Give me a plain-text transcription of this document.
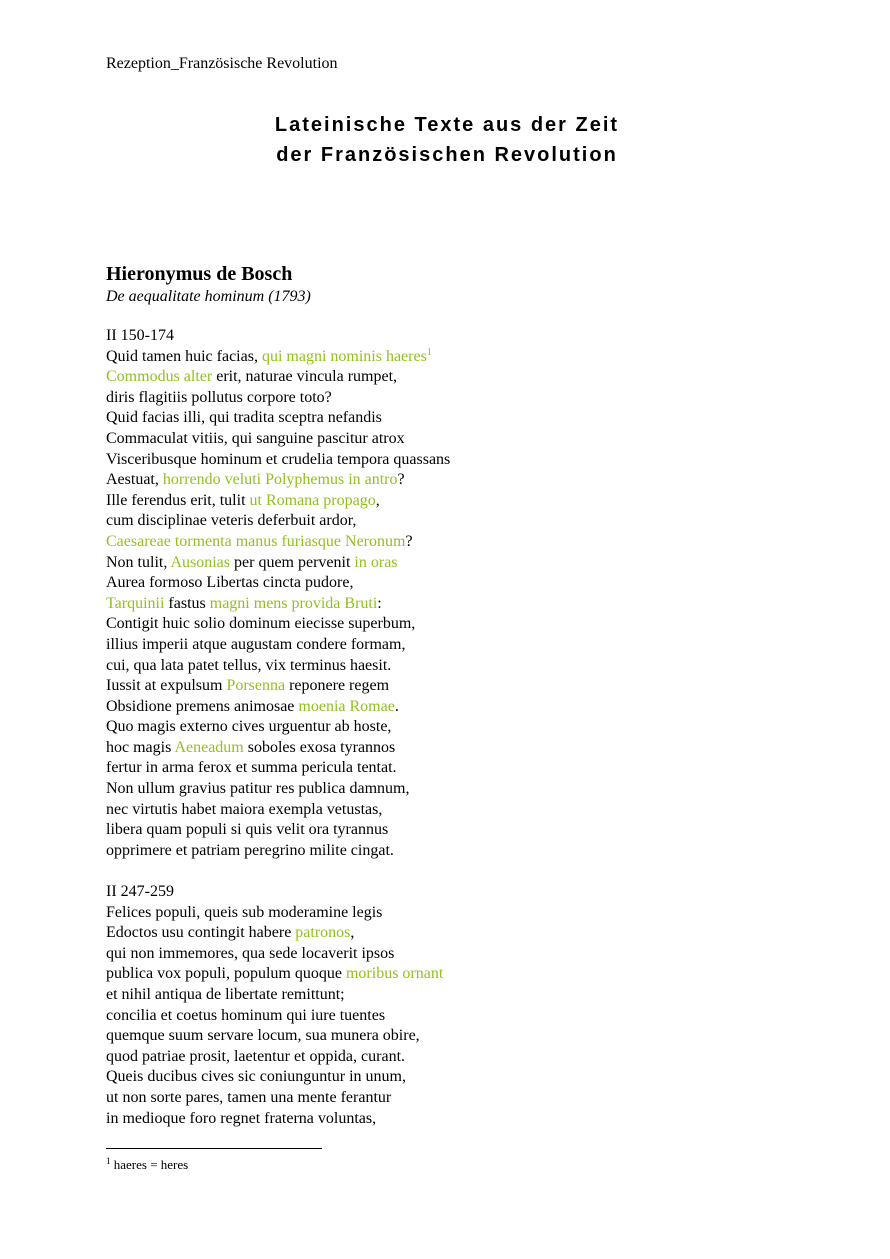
Rezeption_Französische Revolution
Lateinische Texte aus der Zeit
der Französischen Revolution
Hieronymus de Bosch
De aequalitate hominum (1793)
II 150-174
Quid tamen huic facias, qui magni nominis haeres$^1$
Commodus alter erit, naturae vincula rumpet,
diris flagitiis pollutus corpore toto?
Quid facias illi, qui tradita sceptra nefandis
Commaculat vitiis, qui sanguine pascitur atrox
Visceribusque hominum et crudelia tempora quassans
Aestuat, horrendo veluti Polyphemus in antro?
Ille ferendus erit, tulit ut Romana propago,
cum disciplinae veteris deferbuit ardor,
Caesareae tormenta manus furiasque Neronum?
Non tulit, Ausonias per quem pervenit in oras
Aurea formoso Libertas cincta pudore,
Tarquinii fastus magni mens provida Bruti:
Contigit huic solio dominum eiecisse superbum,
illius imperii atque augustam condere formam,
cui, qua lata patet tellus, vix terminus haesit.
Iussit at expulsum Porsenna reponere regem
Obsidione premens animosae moenia Romae.
Quo magis externo cives urguentur ab hoste,
hoc magis Aeneadum soboles exosa tyrannos
fertur in arma ferox et summa pericula tentat.
Non ullum gravius patitur res publica damnum,
nec virtutis habet maiora exempla vetustas,
libera quam populi si quis velit ora tyrannus
opprimere et patriam peregrino milite cingat.
II 247-259
Felices populi, queis sub moderamine legis
Edoctos usu contingit habere patronos,
qui non immemores, qua sede locaverit ipsos
publica vox populi, populum quoque moribus ornant
et nihil antiqua de libertate remittunt;
concilia et coetus hominum qui iure tuentes
quemque suum servare locum, sua munera obire,
quod patriae prosit, laetentur et oppida, curant.
Queis ducibus cives sic coniunguntur in unum,
ut non sorte pares, tamen una mente ferantur
in medioque foro regnet fraterna voluntas,
$^1$ haeres = heres
